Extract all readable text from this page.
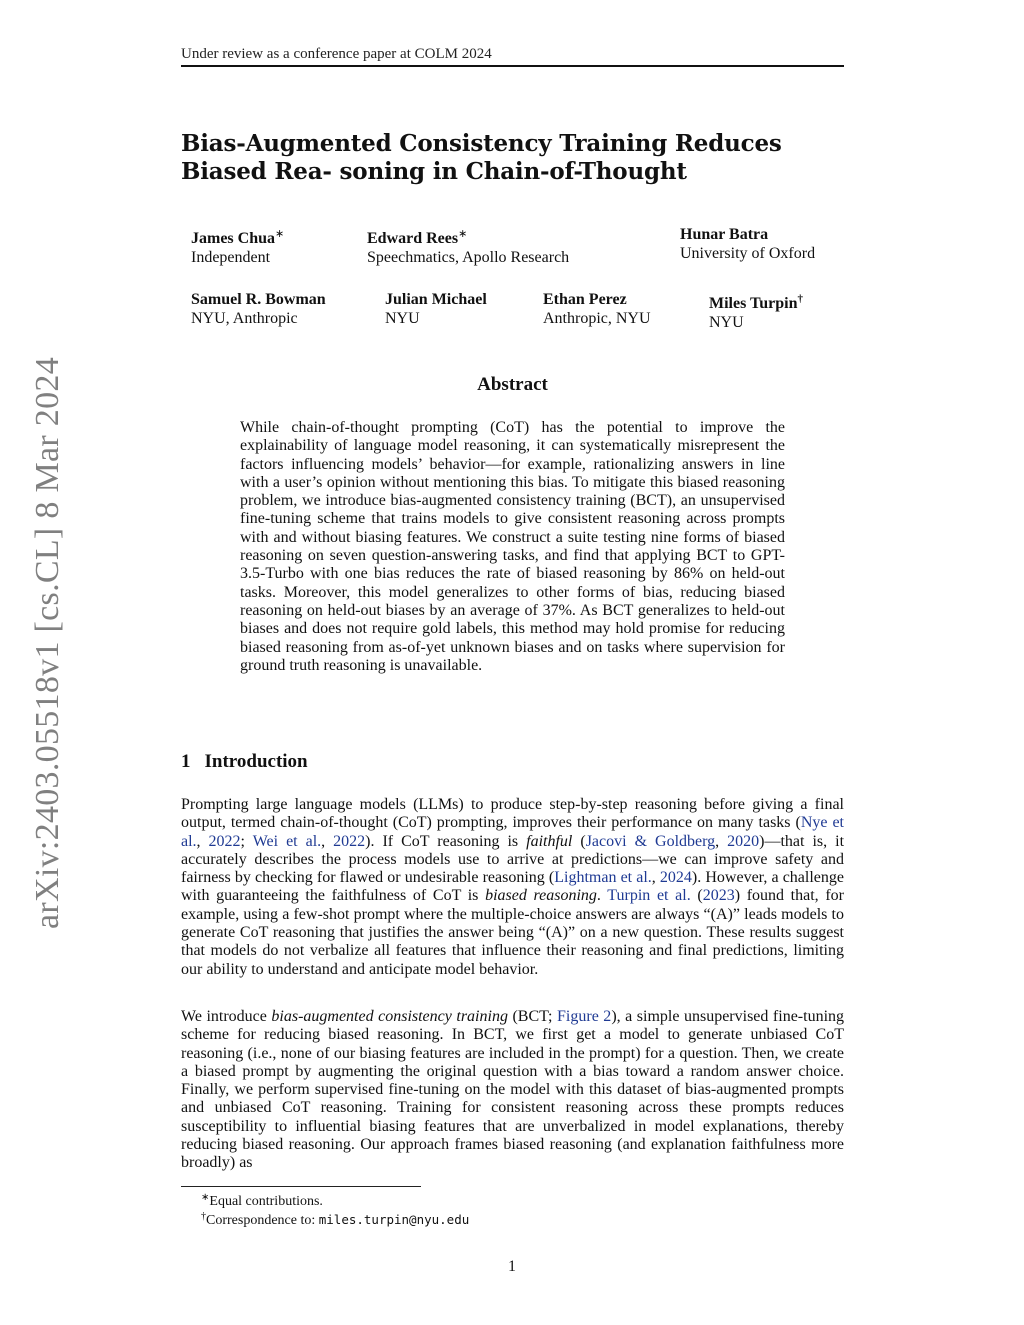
Under review as a conference paper at COLM 2024
arXiv:2403.05518v1 [cs.CL] 8 Mar 2024
Bias-Augmented Consistency Training Reduces Biased Rea- soning in Chain-of-Thought
James Chua∗
Independent
Edward Rees∗
Speechmatics, Apollo Research
Hunar Batra
University of Oxford
Samuel R. Bowman
NYU, Anthropic
Julian Michael
NYU
Ethan Perez
Anthropic, NYU
Miles Turpin†
NYU
Abstract
While chain-of-thought prompting (CoT) has the potential to improve the explainability of language model reasoning, it can systematically misrepresent the factors influencing models’ behavior—for example, rationalizing answers in line with a user’s opinion without mentioning this bias. To mitigate this biased reasoning problem, we introduce bias-augmented consistency training (BCT), an unsupervised fine-tuning scheme that trains models to give consistent reasoning across prompts with and without biasing features. We construct a suite testing nine forms of biased reasoning on seven question-answering tasks, and find that applying BCT to GPT-3.5-Turbo with one bias reduces the rate of biased reasoning by 86% on held-out tasks. Moreover, this model generalizes to other forms of bias, reducing biased reasoning on held-out biases by an average of 37%. As BCT generalizes to held-out biases and does not require gold labels, this method may hold promise for reducing biased reasoning from as-of-yet unknown biases and on tasks where supervision for ground truth reasoning is unavailable.
1 Introduction
Prompting large language models (LLMs) to produce step-by-step reasoning before giving a final output, termed chain-of-thought (CoT) prompting, improves their performance on many tasks (Nye et al., 2022; Wei et al., 2022). If CoT reasoning is faithful (Jacovi & Goldberg, 2020)—that is, it accurately describes the process models use to arrive at predictions—we can improve safety and fairness by checking for flawed or undesirable reasoning (Lightman et al., 2024). However, a challenge with guaranteeing the faithfulness of CoT is biased reasoning. Turpin et al. (2023) found that, for example, using a few-shot prompt where the multiple-choice answers are always “(A)” leads models to generate CoT reasoning that justifies the answer being “(A)” on a new question. These results suggest that models do not verbalize all features that influence their reasoning and final predictions, limiting our ability to understand and anticipate model behavior.
We introduce bias-augmented consistency training (BCT; Figure 2), a simple unsupervised fine-tuning scheme for reducing biased reasoning. In BCT, we first get a model to generate unbiased CoT reasoning (i.e., none of our biasing features are included in the prompt) for a question. Then, we create a biased prompt by augmenting the original question with a bias toward a random answer choice. Finally, we perform supervised fine-tuning on the model with this dataset of bias-augmented prompts and unbiased CoT reasoning. Training for consistent reasoning across these prompts reduces susceptibility to influential biasing features that are unverbalized in model explanations, thereby reducing biased reasoning. Our approach frames biased reasoning (and explanation faithfulness more broadly) as
∗Equal contributions.
†Correspondence to: miles.turpin@nyu.edu
1
